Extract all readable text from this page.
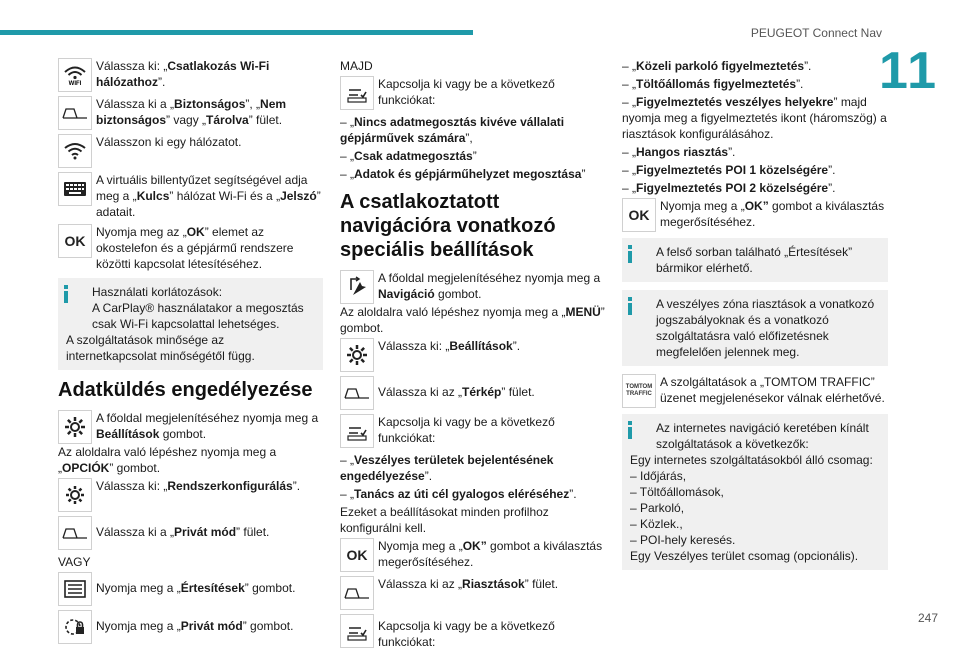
PEUGEOT Connect Nav
11
247
WIFI
Válassza ki: „Csatlakozás Wi-Fi hálózathoz”.
Válassza ki a „Biztonságos”, „Nem biztonságos” vagy „Tárolva” fület.
Válasszon ki egy hálózatot.
A virtuális billentyűzet segítségével adja meg a „Kulcs” hálózat Wi-Fi és a „Jelszó” adatait.
OK
Nyomja meg az „OK” elemet az okostelefon és a gépjármű rendszere közötti kapcsolat létesítéséhez.
Használati korlátozások:
A CarPlay® használatakor a megosztás csak Wi-Fi kapcsolattal lehetséges.
A szolgáltatások minősége az internetkapcsolat minőségétől függ.
Adatküldés engedélyezése
A főoldal megjelenítéséhez nyomja meg a Beállítások gombot.
Az aloldalra való lépéshez nyomja meg a „OPCIÓK” gombot.
Válassza ki: „Rendszerkonfigurálás”.
Válassza ki a „Privát mód” fület.
VAGY
Nyomja meg a „Értesítések” gombot.
Nyomja meg a „Privát mód” gombot.
MAJD
Kapcsolja ki vagy be a következő funkciókat:
– „Nincs adatmegosztás kivéve vállalati gépjárművek számára”,
– „Csak adatmegosztás”
– „Adatok és gépjárműhelyzet megosztása”
A csatlakoztatott navigációra vonatkozó speciális beállítások
A főoldal megjelenítéséhez nyomja meg a Navigáció gombot.
Az aloldalra való lépéshez nyomja meg a „MENÜ” gombot.
Válassza ki: „Beállítások”.
Válassza ki az „Térkép” fület.
Kapcsolja ki vagy be a következő funkciókat:
– „Veszélyes területek bejelentésének engedélyezése”.
– „Tanács az úti cél gyalogos eléréséhez”.
Ezeket a beállításokat minden profilhoz konfigurálni kell.
OK
Nyomja meg a „OK” gombot a kiválasztás megerősítéséhez.
Válassza ki az „Riasztások” fület.
Kapcsolja ki vagy be a következő funkciókat:
– „Közeli parkoló figyelmeztetés”.
– „Töltőállomás figyelmeztetés”.
– „Figyelmeztetés veszélyes helyekre” majd nyomja meg a figyelmeztetés ikont (háromszög) a riasztások konfigurálásához.
– „Hangos riasztás”.
– „Figyelmeztetés POI 1 közelségére”.
– „Figyelmeztetés POI 2 közelségére”.
OK
Nyomja meg a „OK” gombot a kiválasztás megerősítéséhez.
A felső sorban található „Értesítések” bármikor elérhető.
A veszélyes zóna riasztások a vonatkozó jogszabályoknak és a vonatkozó szolgáltatásra való előfizetésnek megfelelően jelennek meg.
TOMTOM TRAFFIC
A szolgáltatások a „TOMTOM TRAFFIC” üzenet megjelenésekor válnak elérhetővé.
Az internetes navigáció keretében kínált szolgáltatások a következők:
Egy internetes szolgáltatásokból álló csomag:
– Időjárás,
– Töltőállomások,
– Parkoló,
– Közlek.,
– POI-hely keresés.
Egy Veszélyes terület csomag (opcionális).
